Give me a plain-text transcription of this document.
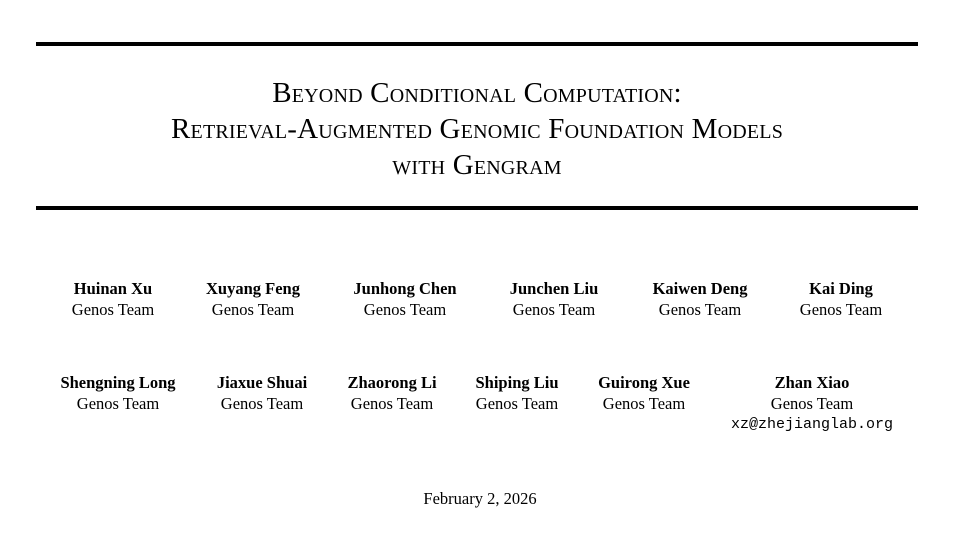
Beyond Conditional Computation:
Retrieval-Augmented Genomic Foundation Models
with Gengram
Huinan Xu
Genos Team
Xuyang Feng
Genos Team
Junhong Chen
Genos Team
Junchen Liu
Genos Team
Kaiwen Deng
Genos Team
Kai Ding
Genos Team
Shengning Long
Genos Team
Jiaxue Shuai
Genos Team
Zhaorong Li
Genos Team
Shiping Liu
Genos Team
Guirong Xue
Genos Team
Zhan Xiao
Genos Team
xz@zhejianglab.org
February 2, 2026
